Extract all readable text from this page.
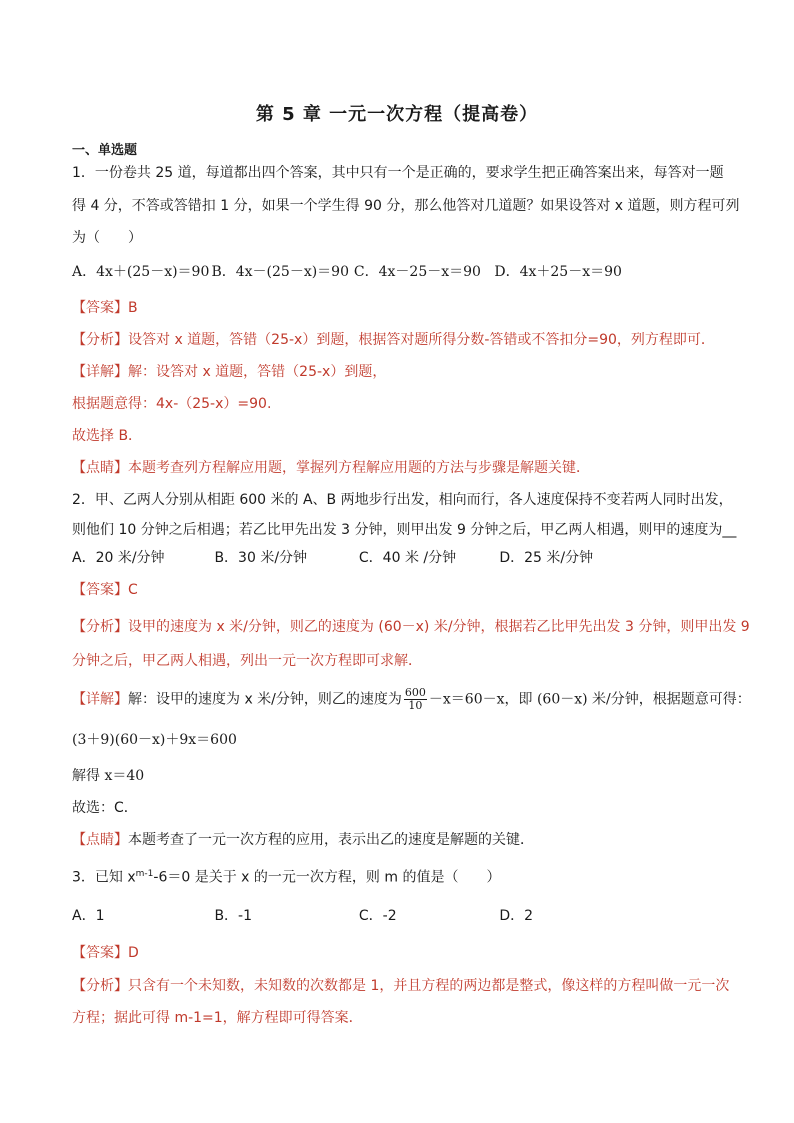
第 5 章 一元一次方程（提高卷）
一、单选题
1．一份卷共 25 道，每道都出四个答案，其中只有一个是正确的，要求学生把正确答案出来，每答对一题
得 4 分，不答或答错扣 1 分，如果一个学生得 90 分，那么他答对几道题？如果设答对 x 道题，则方程可列
为（　　）
A．4x＋(25－x)＝90 B．4x－(25－x)＝90 C．4x－25－x＝90 D．4x＋25－x＝90
【答案】B
【分析】设答对 x 道题，答错（25-x）到题，根据答对题所得分数-答错或不答扣分=90，列方程即可．
【详解】解：设答对 x 道题，答错（25-x）到题，
根据题意得：4x-（25-x）=90.
故选择 B．
【点睛】本题考查列方程解应用题，掌握列方程解应用题的方法与步骤是解题关键．
2．甲、乙两人分别从相距 600 米的 A、B 两地步行出发，相向而行，各人速度保持不变若两人同时出发，
则他们 10 分钟之后相遇；若乙比甲先出发 3 分钟，则甲出发 9 分钟之后，甲乙两人相遇，则甲的速度为__
A．20 米/分钟	B．30 米/分钟	C．40 米 /分钟	D．25 米/分钟
【答案】C
【分析】设甲的速度为 x 米/分钟，则乙的速度为 (60－x) 米/分钟，根据若乙比甲先出发 3 分钟，则甲出发 9
分钟之后，甲乙两人相遇，列出一元一次方程即可求解．
【详解】解：设甲的速度为 x 米/分钟，则乙的速度为 $\frac{600}{10} -x=60-x$，即 (60－x) 米/分钟，根据题意可得：
(3＋9)(60－x)＋9x＝600
解得 x＝40
故选：C．
【点睛】本题考查了一元一次方程的应用，表示出乙的速度是解题的关键．
3．已知 $x^{m-1}-6=0$ 是关于 x 的一元一次方程，则 m 的值是（　　）
A．1	B．-1	C．-2	D．2
【答案】D
【分析】只含有一个未知数，未知数的次数都是 1，并且方程的两边都是整式，像这样的方程叫做一元一次
方程；据此可得 m-1=1，解方程即可得答案．
